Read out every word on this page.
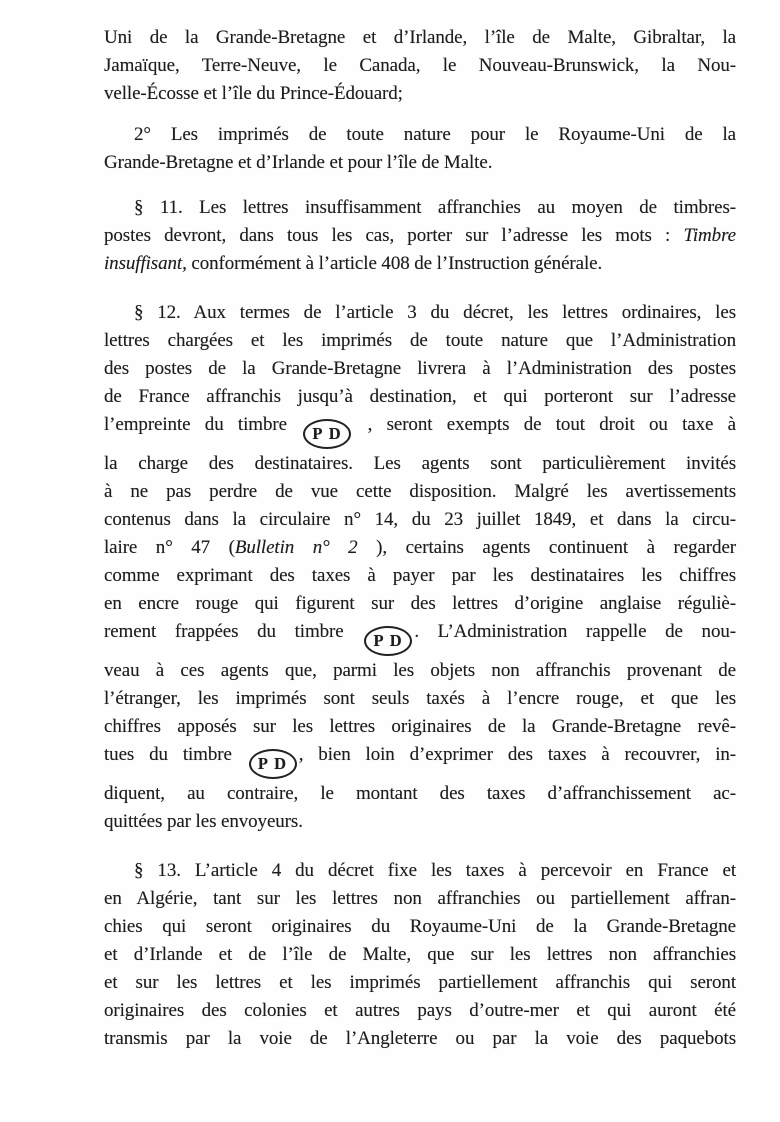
Uni de la Grande-Bretagne et d’Irlande, l’île de Malte, Gibraltar, la
Jamaïque, Terre-Neuve, le Canada, le Nouveau-Brunswick, la Nou-
velle-Écosse et l’île du Prince-Édouard;
2° Les imprimés de toute nature pour le Royaume-Uni de la
Grande-Bretagne et d’Irlande et pour l’île de Malte.
§ 11. Les lettres insuffisamment affranchies au moyen de timbres-
postes devront, dans tous les cas, porter sur l’adresse les mots : Timbre
insuffisant, conformément à l’article 408 de l’Instruction générale.
§ 12. Aux termes de l’article 3 du décret, les lettres ordinaires, les
lettres chargées et les imprimés de toute nature que l’Administration
des postes de la Grande-Bretagne livrera à l’Administration des postes
de France affranchis jusqu’à destination, et qui porteront sur l’adresse
l’empreinte du timbre P D , seront exempts de tout droit ou taxe à
la charge des destinataires. Les agents sont particulièrement invités
à ne pas perdre de vue cette disposition. Malgré les avertissements
contenus dans la circulaire n° 14, du 23 juillet 1849, et dans la circu-
laire n° 47 (Bulletin n° 2 ), certains agents continuent à regarder
comme exprimant des taxes à payer par les destinataires les chiffres
en encre rouge qui figurent sur des lettres d’origine anglaise réguliè-
rement frappées du timbre P D . L’Administration rappelle de nou-
veau à ces agents que, parmi les objets non affranchis provenant de
l’étranger, les imprimés sont seuls taxés à l’encre rouge, et que les
chiffres apposés sur les lettres originaires de la Grande-Bretagne revê-
tues du timbre P D , bien loin d’exprimer des taxes à recouvrer, in-
diquent, au contraire, le montant des taxes d’affranchissement ac-
quittées par les envoyeurs.
§ 13. L’article 4 du décret fixe les taxes à percevoir en France et
en Algérie, tant sur les lettres non affranchies ou partiellement affran-
chies qui seront originaires du Royaume-Uni de la Grande-Bretagne
et d’Irlande et de l’île de Malte, que sur les lettres non affranchies
et sur les lettres et les imprimés partiellement affranchis qui seront
originaires des colonies et autres pays d’outre-mer et qui auront été
transmis par la voie de l’Angleterre ou par la voie des paquebots
